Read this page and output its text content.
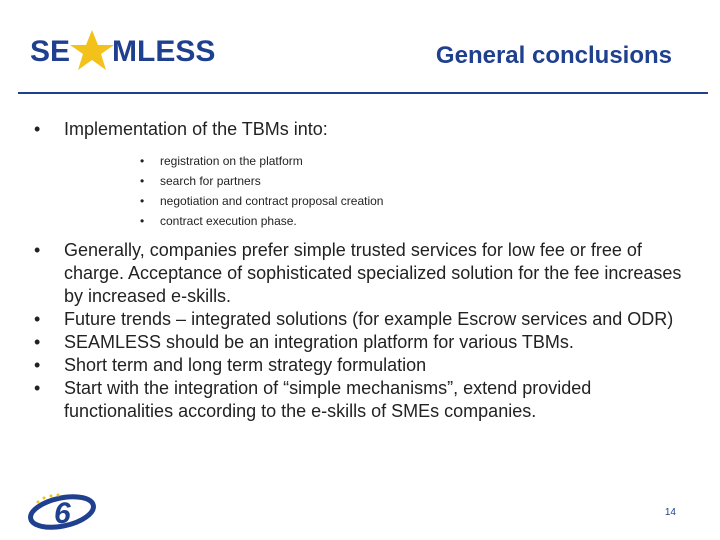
SE MLESS	General conclusions
• Implementation of the TBMs into:
• registration on the platform
• search for partners
• negotiation and contract proposal creation
• contract execution phase.
• Generally, companies prefer simple trusted services for low fee or free of charge. Acceptance of sophisticated specialized solution for the fee increases by increased e-skills.
• Future trends – integrated solutions (for example Escrow services and ODR)
• SEAMLESS should be an integration platform for various TBMs.
• Short term and long term strategy formulation
• Start with the integration of “simple mechanisms”, extend provided functionalities according to the e-skills of SMEs companies.
6	14
